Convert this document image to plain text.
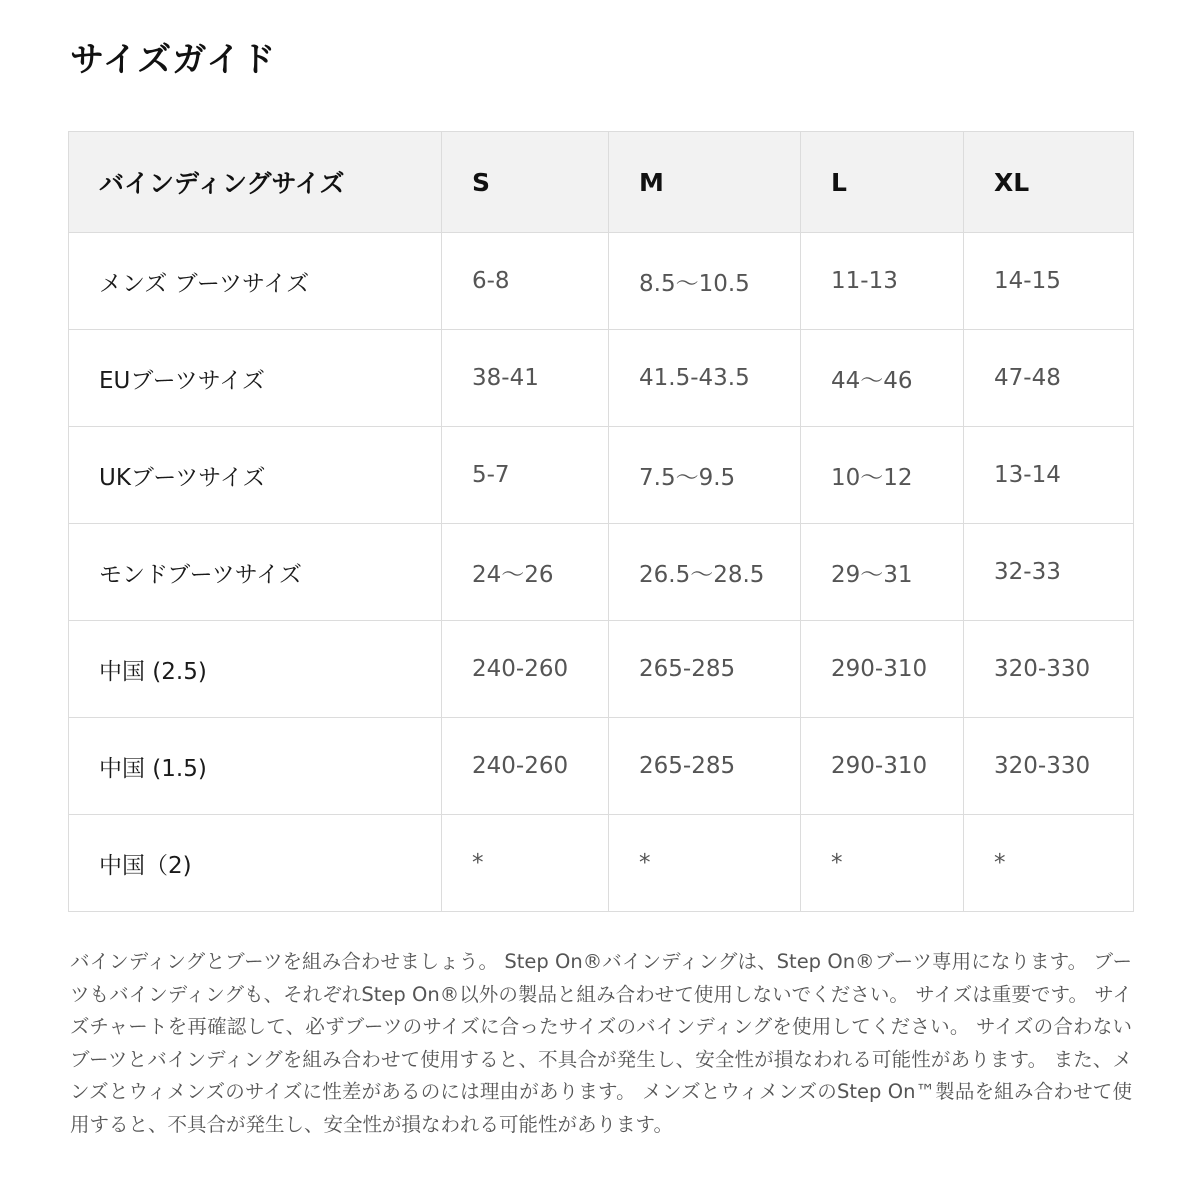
サイズガイド
バインディングサイズ	S	M	L	XL
メンズ ブーツサイズ	6-8	8.5〜10.5	11-13	14-15
EUブーツサイズ	38-41	41.5-43.5	44〜46	47-48
UKブーツサイズ	5-7	7.5〜9.5	10〜12	13-14
モンドブーツサイズ	24〜26	26.5〜28.5	29〜31	32-33
中国 (2.5)	240-260	265-285	290-310	320-330
中国 (1.5)	240-260	265-285	290-310	320-330
中国（2)	*	*	*	*

バインディングとブーツを組み合わせましょう。 Step On®バインディングは、Step On®ブーツ専用になります。 ブーツもバインディングも、それぞれStep On®以外の製品と組み合わせて使用しないでください。 サイズは重要です。 サイズチャートを再確認して、必ずブーツのサイズに合ったサイズのバインディングを使用してください。 サイズの合わないブーツとバインディングを組み合わせて使用すると、不具合が発生し、安全性が損なわれる可能性があります。 また、メンズとウィメンズのサイズに性差があるのには理由があります。 メンズとウィメンズのStep On™製品を組み合わせて使用すると、不具合が発生し、安全性が損なわれる可能性があります。
